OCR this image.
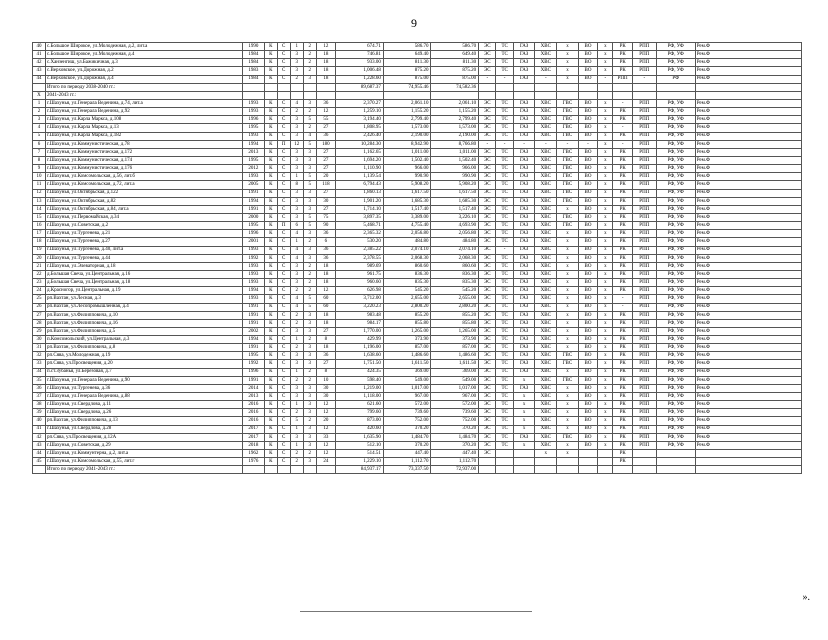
9
40	с.Большое Широкое, ул.Молодежная, д.2, лит.а	1990	К	С	1	2	12	674.71	586.70	586.70	ЭС	ТС	ГАЗ	ХВС	х	ВО	х	РК	РПП	РФ, УФ	Рем.Ф
41	с.Большое Широкое, ул.Молодежная, д.4	1984	К	С	3	2	18	746.81	649.40	649.40	ЭС	ТС	ГАЗ	ХВС	х	ВО	х	РК	РПП	РФ, УФ	Рем.Ф
42	с.Ханзенгиш, ул.Бажикичная, д.3	1984	К	С	3	2	18	933.00	811.30	811.30	ЭС	ТС	ГАЗ	ХВС	х	ВО	х	РК	РПП	РФ, УФ	Рем.Ф
43	с.Верховское, ул.Дорожная, д.2	1983	К	С	3	2	18	1,006.48	875.20	875.20	ЭС	ТС	ГАЗ	ХВС	х	ВО	х	РК	РПП	РФ, УФ	Рем.Ф
44	с.Верховское, ул.Дорожная, д.4	1984	К	С	2	3	18	1,228.60	875.00	875.00	-	-	ГАЗ	-	х	ВО	-	РПП	-	РФ	Рем.Ф
	Итого по периоду 2038-2040 гг.:							89,687.37	74,955.46	74,582.36											
X	2041-2043 гг.:																				
1	г.Шахунья, ул.Генерала Веденина, д.74, лит.а	1993	К	С	4	3	36	2,370.27	2,061.10	2,061.10	ЭС	ТС	ГАЗ	ХВС	ГВС	ВО	х	-	РПП	РФ, УФ	Рем.Ф
2	г.Шахунья, ул.Генерала Веденина, д.92	1993	К	С	2	2	12	1,259.10	1,155.20	1,155.20	ЭС	ТС	ГАЗ	ХВС	ГВС	ВО	х	РК	РПП	РФ, УФ	Рем.Ф
3	г.Шахунья, ул.Карла Маркса, д.108	1996	К	С	3	5	55	3,194.40	2,799.40	2,799.40	ЭС	ТС	ГАЗ	ХВС	ГВС	ВО	х	РК	РПП	РФ, УФ	Рем.Ф
4	г.Шахунья, ул.Карла Маркса, д.13	1995	К	С	3	2	27	1,808.95	1,573.00	1,573.00	ЭС	ТС	ГАЗ	ХВС	ГВС	ВО	х	-	РПП	РФ, УФ	Рем.Ф
5	г.Шахунья, ул.Карла Маркса, д.182	1993	К	С	3	4	36	2,426.40	2,190.00	2,190.00	ЭС	ТС	ГАЗ	ХВС	ГВС	ВО	х	РК	РПП	РФ, УФ	Рем.Ф
6	г.Шахунья, ул.Коммунистическая, д.78	1994	К	П	12	5	180	10,284.30	8,942.90	8,766.80	-	-	-	-	-	-	х	-	РПП	РФ, УФ	Рем.Ф
7	г.Шахунья, ул.Коммунистическая, д.172	2013	К	С	3	3	27	1,162.65	1,011.00	1,011.00	ЭС	ТС	ГАЗ	ХВС	ГВС	ВО	х	РК	РПП	РФ, УФ	Рем.Ф
8	г.Шахунья, ул.Коммунистическая, д.174	1995	К	С	3	3	27	1,694.20	1,502.40	1,502.40	ЭС	ТС	ГАЗ	ХВС	ГВС	ВО	х	РК	РПП	РФ, УФ	Рем.Ф
9	г.Шахунья, ул.Коммунистическая, д.176	2012	К	С	3	3	27	1,110.90	966.00	966.00	ЭС	ТС	ГАЗ	ХВС	ГВС	ВО	х	РК	РПП	РФ, УФ	Рем.Ф
10	г.Шахунья, ул.Комсомольская, д.56, лит.б	1993	К	С	1	5	20	1,139.54	990.90	990.90	ЭС	ТС	ГАЗ	ХВС	ГВС	ВО	х	РК	РПП	РФ, УФ	Рем.Ф
11	г.Шахунья, ул.Комсомольская, д.72, лит.а	2005	К	С	8	5	118	6,794.43	5,908.20	5,908.20	ЭС	ТС	ГАЗ	ХВС	ГВС	ВО	х	РК	РПП	РФ, УФ	Рем.Ф
12	г.Шахунья, ул.Октябрьская, д.122	1991	К	С	3	3	27	1,860.13	1,617.50	1,617.50	ЭС	ТС	ГАЗ	ХВС	ГВС	ВО	х	РК	РПП	РФ, УФ	Рем.Ф
13	г.Шахунья, ул.Октябрьская, д.82	1994	К	С	3	3	30	1,901.20	1,685.30	1,685.30	ЭС	ТС	ГАЗ	ХВС	ГВС	ВО	х	РК	РПП	РФ, УФ	Рем.Ф
14	г.Шахунья, ул.Октябрьская, д.84, лит.а	1991	К	С	3	3	27	1,714.10	1,517.40	1,517.40	ЭС	ТС	ГАЗ	ХВС	х	ВО	х	РК	РПП	РФ, УФ	Рем.Ф
15	г.Шахунья, ул.Первомайская, д.34	2000	К	С	3	5	75	3,897.35	3,389.00	3,226.10	ЭС	ТС	ГАЗ	ХВС	ГВС	ВО	х	РК	РПП	РФ, УФ	Рем.Ф
16	г.Шахунья, ул.Советская, д.2	1995	К	П	6	5	90	5,468.71	4,755.40	4,693.90	ЭС	ТС	ГАЗ	ХВС	ГВС	ВО	х	РК	РПП	РФ, УФ	Рем.Ф
17	г.Шахунья, ул.Тургенева, д.21	1996	К	С	4	3	36	2,365.32	2,056.80	2,056.80	ЭС	ТС	ГАЗ	ХВС	х	ВО	х	РК	РПП	РФ, УФ	Рем.Ф
18	г.Шахунья, ул.Тургенева, д.27	2001	К	С	1	2	6	530.20	484.80	484.80	ЭС	ТС	ГАЗ	ХВС	х	ВО	х	РК	РПП	РФ, УФ	Рем.Ф
19	г.Шахунья, ул.Тургенева, д.40, лит.а	1993	К	С	4	3	36	2,385.22	2,074.10	2,074.10	ЭС	-	ГАЗ	ХВС	х	ВО	х	РК	РПП	РФ, УФ	Рем.Ф
20	г.Шахунья, ул.Тургенева, д.44	1992	К	С	4	3	36	2,378.55	2,068.30	2,068.30	ЭС	ТС	ГАЗ	ХВС	х	ВО	х	РК	РПП	РФ, УФ	Рем.Ф
21	г.Шахунья, ул.Элеваторная, д.18	1993	К	С	3	2	18	989.69	860.60	860.60	ЭС	ТС	ГАЗ	ХВС	х	ВО	х	РК	РПП	РФ, УФ	Рем.Ф
22	д.Большая Свеча, ул.Центральная, д.16	1993	К	С	3	2	18	961.75	836.30	836.30	ЭС	ТС	ГАЗ	ХВС	х	ВО	х	РК	РПП	РФ, УФ	Рем.Ф
23	д.Большая Свеча, ул.Центральная, д.18	1993	К	С	3	2	18	960.60	835.30	835.30	ЭС	ТС	ГАЗ	ХВС	х	ВО	х	РК	РПП	РФ, УФ	Рем.Ф
24	д.Красногор, ул.Центральная, д.19	1994	К	С	2	2	12	626.98	545.20	545.20	ЭС	ТС	ГАЗ	ХВС	х	ВО	х	РК	РПП	РФ, УФ	Рем.Ф
25	рп.Вахтан, ул.Лесная, д.3	1993	К	С	4	5	60	3,712.00	2,655.00	2,655.00	ЭС	ТС	ГАЗ	ХВС	х	ВО	х	-	РПП	РФ, УФ	Рем.Ф
26	рп.Вахтан, ул.Лесопромышленная, д.4	1991	К	С	4	5	60	3,220.23	2,800.20	2,800.20	ЭС	ТС	ГАЗ	ХВС	х	ВО	х	-	РПП	РФ, УФ	Рем.Ф
27	рп.Вахтан, ул.Филипповича, д.10	1991	К	С	2	3	18	983.48	855.20	855.20	ЭС	ТС	ГАЗ	ХВС	х	ВО	х	РК	РПП	РФ, УФ	Рем.Ф
28	рп.Вахтан, ул.Филипповича, д.16	1991	К	С	2	3	18	984.17	855.80	855.80	ЭС	ТС	ГАЗ	ХВС	х	ВО	х	РК	РПП	РФ, УФ	Рем.Ф
29	рп.Вахтан, ул.Филипповича, д.5	2002	К	С	3	3	27	1,770.00	1,265.00	1,265.00	ЭС	ТС	ГАЗ	ХВС	х	ВО	х	РК	РПП	РФ, УФ	Рем.Ф
30	п.Комсомольский, ул.Центральная, д.3	1994	К	С	1	2	8	429.99	373.90	373.90	ЭС	ТС	ГАЗ	ХВС	х	ВО	х	РК	РПП	РФ, УФ	Рем.Ф
31	рп.Вахтан, ул.Филипповича, д.8	1991	К	С	2	3	18	1,196.00	857.00	857.00	ЭС	ТС	ГАЗ	ХВС	х	ВО	х	РК	РПП	РФ, УФ	Рем.Ф
32	рп.Сява, ул.Молодежная, д.19	1995	К	С	3	3	36	1,638.60	1,486.60	1,486.60	ЭС	ТС	ГАЗ	ХВС	ГВС	ВО	х	РК	РПП	РФ, УФ	Рем.Ф
33	рп.Сява, ул.Просвещения, д.20	1992	К	С	3	3	27	1,751.50	1,611.50	1,611.50	ЭС	ТС	ГАЗ	ХВС	ГВС	ВО	х	РК	РПП	РФ, УФ	Рем.Ф
34	п.ст.Зубанья, ул.Березовая, д.7	1996	К	С	1	2	8	424.35	369.00	369.00	ЭС	ТС	ГАЗ	ХВС	х	ВО	х	РК	РПП	РФ, УФ	Рем.Ф
35	г.Шахунья, ул.Генерала Веденина, д.90	1991	К	С	2	2	10	598.40	549.00	549.00	ЭС	ТС	х	ХВС	ГВС	ВО	х	РК	РПП	РФ, УФ	Рем.Ф
36	г.Шахунья, ул.Тургенева, д.36	2014	К	С	3	3	30	1,219.00	1,017.00	1,017.00	ЭС	ТС	ГАЗ	ХВС	х	ВО	х	РК	РПП	РФ, УФ	Рем.Ф
37	г.Шахунья, ул.Генерала Веденина, д.88	2013	К	С	3	3	30	1,118.00	967.00	967.00	ЭС	ТС	х	ХВС	х	ВО	х	РК	РПП	РФ, УФ	Рем.Ф
38	г.Шахунья, ул.Свердлова, д.11	2016	К	С	1	3	12	621.60	572.00	572.00	ЭС	ТС	х	ХВС	х	ВО	х	РК	РПП	РФ, УФ	Рем.Ф
39	г.Шахунья, ул.Свердлова, д.26	2016	К	С	2	3	12	799.60	739.60	739.60	ЭС	ТС	х	ХВС	х	ВО	х	РК	РПП	РФ, УФ	Рем.Ф
40	рп.Вахтан, ул.Филипповича, д.13	2016	К	С	5	2	20	873.00	752.00	752.00	ЭС	ТС	х	ХВС	х	ВО	х	РК	РПП	РФ, УФ	Рем.Ф
41	г.Шахунья, ул.Свердлова, д.28	2017	К	С	1	3	12	420.60	370.20	370.20	ЭС	ТС	х	ХВС	х	ВО	х	РК	РПП	РФ, УФ	Рем.Ф
42	рп.Сява, ул.Просвещения, д.12А	2017	К	С	3	3	33	1,635.90	1,484.70	1,484.70	ЭС	ТС	ГАЗ	ХВС	ГВС	ВО	х	РК	РПП	РФ, УФ	Рем.Ф
43	г.Шахунья, ул.Советская, д.29	2018	К	С	1	3	12	512.10	370.20	370.20	ЭС	ТС	х	ХВС	х	ВО	х	РК	РПП	РФ, УФ	Рем.Ф
44	г.Шахунья, ул.Коммунтерна, д.2, лит.а	1962	К	С	2	2	12	514.51	447.40	447.40	ЭС			х	х			РК			
45	г.Шахунья, ул.Комсомольская, д.55, лит.г	1976	К	С	2	3	24	1,229.10	1,112.70	1,112.70								РК			
	Итого по периоду 2041-2043 гг.:							84,937.17	73,337.50	72,937.00											
».
